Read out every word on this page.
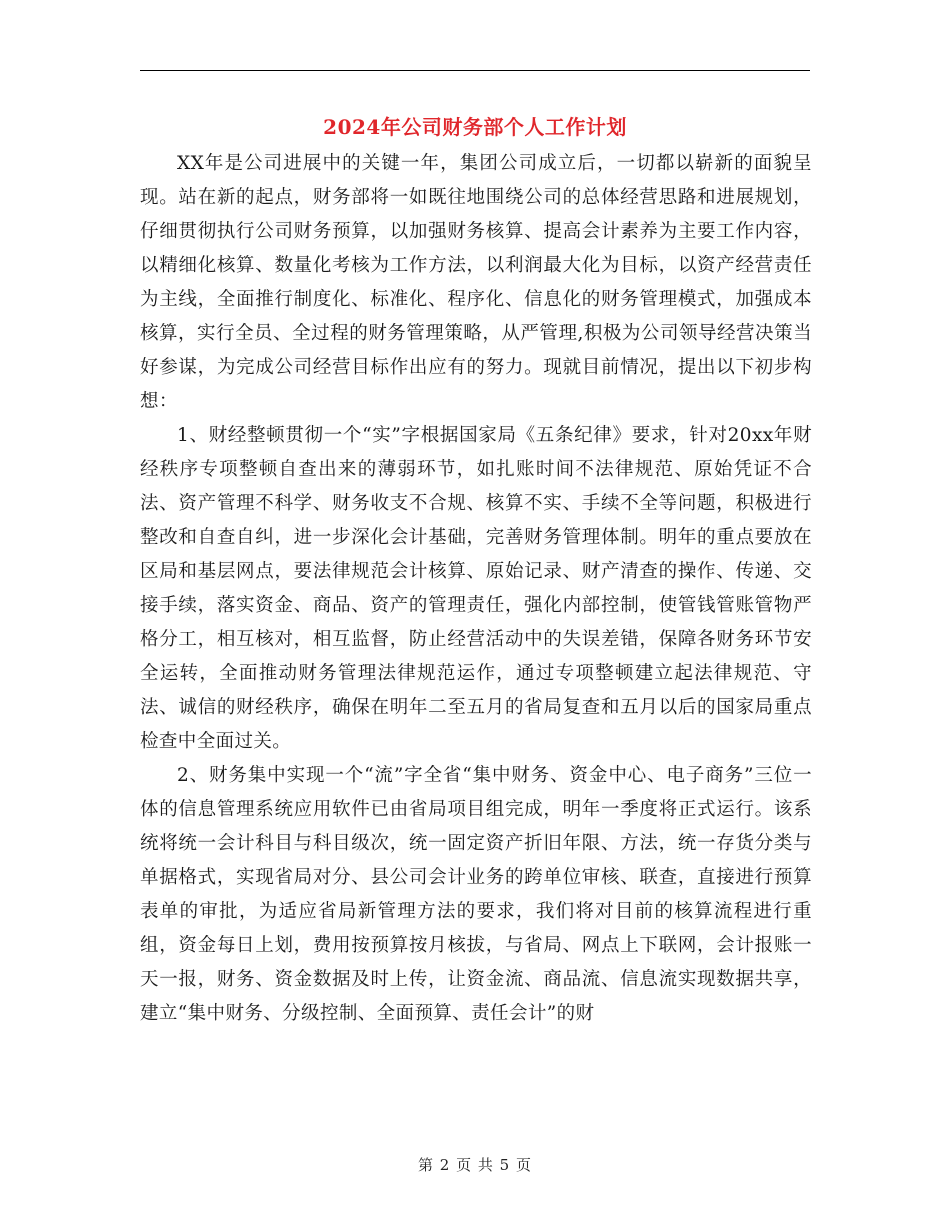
2024年公司财务部个人工作计划

XX年是公司进展中的关键一年，集团公司成立后，一切都以崭新的面貌呈现。站在新的起点，财务部将一如既往地围绕公司的总体经营思路和进展规划，仔细贯彻执行公司财务预算，以加强财务核算、提高会计素养为主要工作内容，以精细化核算、数量化考核为工作方法，以利润最大化为目标，以资产经营责任为主线，全面推行制度化、标准化、程序化、信息化的财务管理模式，加强成本核算，实行全员、全过程的财务管理策略，从严管理,积极为公司领导经营决策当好参谋，为完成公司经营目标作出应有的努力。现就目前情况，提出以下初步构想：

1、财经整顿贯彻一个“实”字根据国家局《五条纪律》要求，针对20xx年财经秩序专项整顿自查出来的薄弱环节，如扎账时间不法律规范、原始凭证不合法、资产管理不科学、财务收支不合规、核算不实、手续不全等问题，积极进行整改和自查自纠，进一步深化会计基础，完善财务管理体制。明年的重点要放在区局和基层网点，要法律规范会计核算、原始记录、财产清查的操作、传递、交接手续，落实资金、商品、资产的管理责任，强化内部控制，使管钱管账管物严格分工，相互核对，相互监督，防止经营活动中的失误差错，保障各财务环节安全运转，全面推动财务管理法律规范运作，通过专项整顿建立起法律规范、守法、诚信的财经秩序，确保在明年二至五月的省局复查和五月以后的国家局重点检查中全面过关。

2、财务集中实现一个“流”字全省“集中财务、资金中心、电子商务”三位一体的信息管理系统应用软件已由省局项目组完成，明年一季度将正式运行。该系统将统一会计科目与科目级次，统一固定资产折旧年限、方法，统一存货分类与单据格式，实现省局对分、县公司会计业务的跨单位审核、联查，直接进行预算表单的审批，为适应省局新管理方法的要求，我们将对目前的核算流程进行重组，资金每日上划，费用按预算按月核拔，与省局、网点上下联网，会计报账一天一报，财务、资金数据及时上传，让资金流、商品流、信息流实现数据共享，建立“集中财务、分级控制、全面预算、责任会计”的财

第 2 页 共 5 页
